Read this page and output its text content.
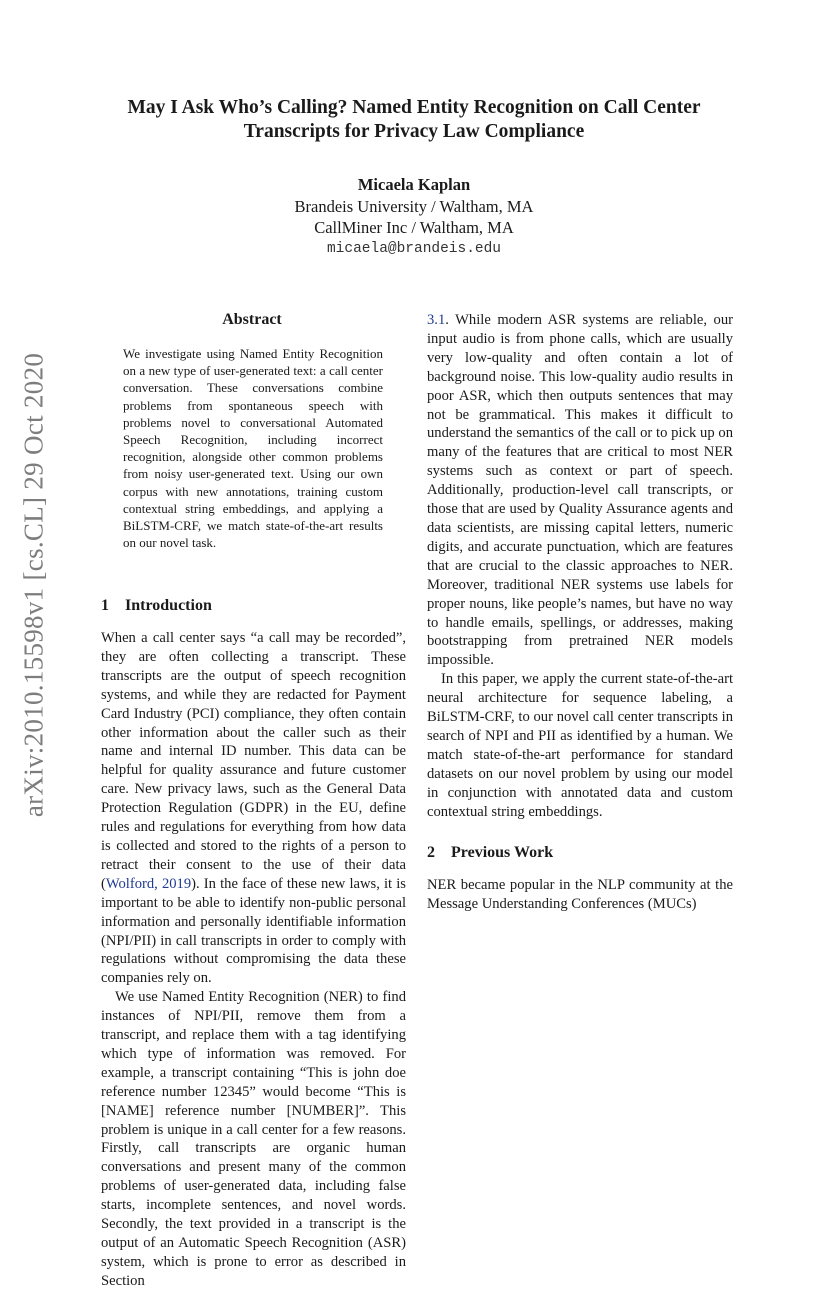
arXiv:2010.15598v1 [cs.CL] 29 Oct 2020
May I Ask Who’s Calling? Named Entity Recognition on Call Center
Transcripts for Privacy Law Compliance
Micaela Kaplan
Brandeis University / Waltham, MA
CallMiner Inc / Waltham, MA
micaela@brandeis.edu
Abstract
We investigate using Named Entity Recognition on a new type of user-generated text: a call center conversation. These conversations combine problems from spontaneous speech with problems novel to conversational Automated Speech Recognition, including incorrect recognition, alongside other common problems from noisy user-generated text. Using our own corpus with new annotations, training custom contextual string embeddings, and applying a BiLSTM-CRF, we match state-of-the-art results on our novel task.
1 Introduction

When a call center says “a call may be recorded”, they are often collecting a transcript. These transcripts are the output of speech recognition systems, and while they are redacted for Payment Card Industry (PCI) compliance, they often contain other information about the caller such as their name and internal ID number. This data can be helpful for quality assurance and future customer care. New privacy laws, such as the General Data Protection Regulation (GDPR) in the EU, define rules and regulations for everything from how data is collected and stored to the rights of a person to retract their consent to the use of their data (Wolford, 2019). In the face of these new laws, it is important to be able to identify non-public personal information and personally identifiable information (NPI/PII) in call transcripts in order to comply with regulations without compromising the data these companies rely on.

We use Named Entity Recognition (NER) to find instances of NPI/PII, remove them from a transcript, and replace them with a tag identifying which type of information was removed. For example, a transcript containing “This is john doe reference number 12345” would become “This is [NAME] reference number [NUMBER]”. This problem is unique in a call center for a few reasons. Firstly, call transcripts are organic human conversations and present many of the common problems of user-generated data, including false starts, incomplete sentences, and novel words. Secondly, the text provided in a transcript is the output of an Automatic Speech Recognition (ASR) system, which is prone to error as described in Section

3.1. While modern ASR systems are reliable, our input audio is from phone calls, which are usually very low-quality and often contain a lot of background noise. This low-quality audio results in poor ASR, which then outputs sentences that may not be grammatical. This makes it difficult to understand the semantics of the call or to pick up on many of the features that are critical to most NER systems such as context or part of speech. Additionally, production-level call transcripts, or those that are used by Quality Assurance agents and data scientists, are missing capital letters, numeric digits, and accurate punctuation, which are features that are crucial to the classic approaches to NER. Moreover, traditional NER systems use labels for proper nouns, like people’s names, but have no way to handle emails, spellings, or addresses, making bootstrapping from pretrained NER models impossible.

In this paper, we apply the current state-of-the-art neural architecture for sequence labeling, a BiLSTM-CRF, to our novel call center transcripts in search of NPI and PII as identified by a human. We match state-of-the-art performance for standard datasets on our novel problem by using our model in conjunction with annotated data and custom contextual string embeddings.

2 Previous Work

NER became popular in the NLP community at the Message Understanding Conferences (MUCs)
